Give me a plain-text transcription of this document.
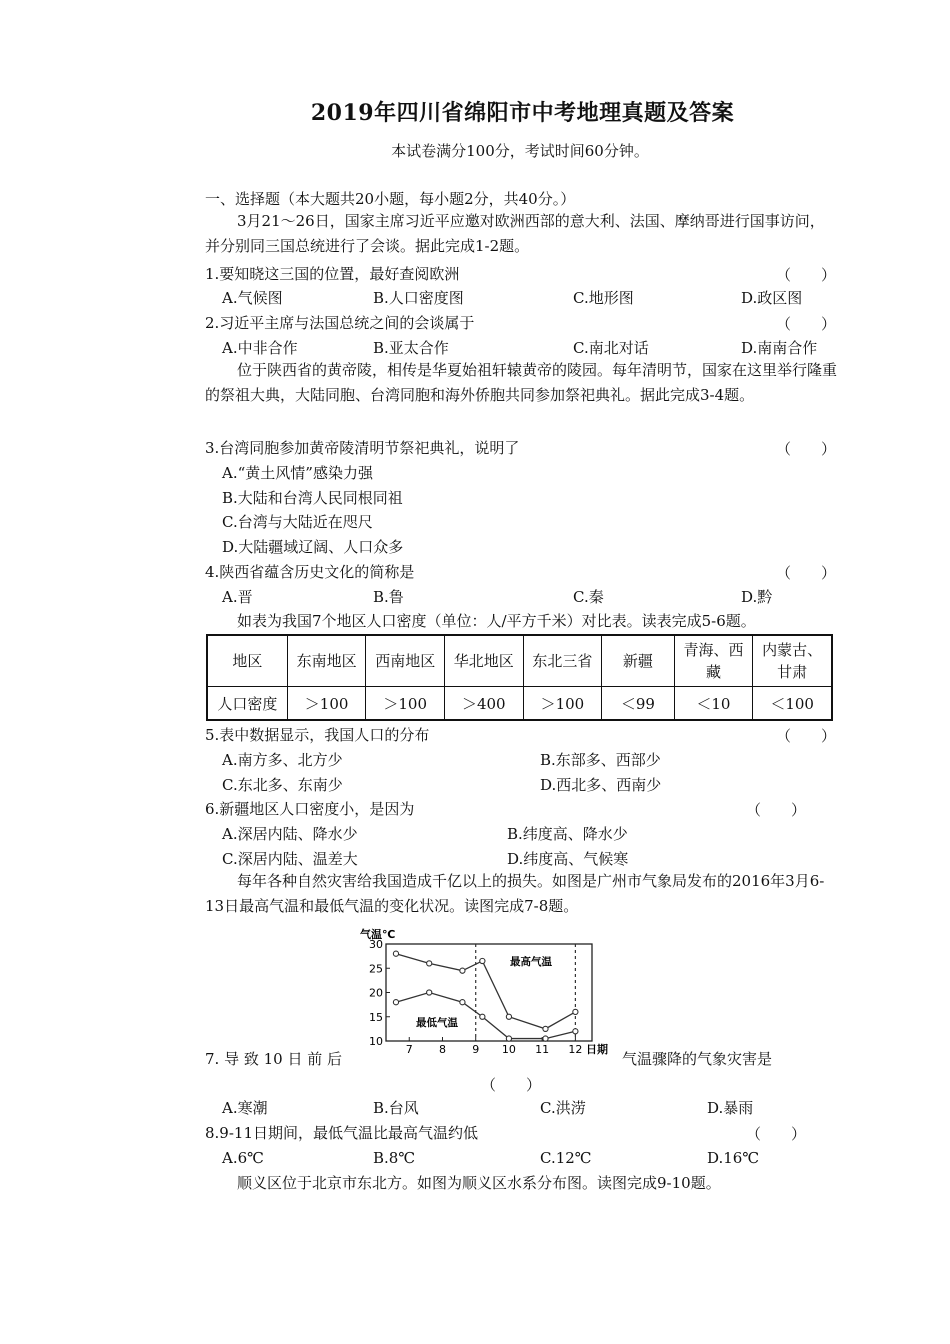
2019年四川省绵阳市中考地理真题及答案
本试卷满分100分，考试时间60分钟。
一、选择题（本大题共20小题，每小题2分，共40分。）
3月21～26日，国家主席习近平应邀对欧洲西部的意大利、法国、摩纳哥进行国事访问，并分别同三国总统进行了会谈。据此完成1-2题。
1.要知晓这三国的位置，最好查阅欧洲	（　　）
A.气候图	B.人口密度图	C.地形图	D.政区图
2.习近平主席与法国总统之间的会谈属于	（　　）
A.中非合作	B.亚太合作	C.南北对话	D.南南合作
位于陕西省的黄帝陵，相传是华夏始祖轩辕黄帝的陵园。每年清明节，国家在这里举行隆重的祭祖大典，大陆同胞、台湾同胞和海外侨胞共同参加祭祀典礼。据此完成3-4题。
3.台湾同胞参加黄帝陵清明节祭祀典礼，说明了	（　　）
A.“黄土风情”感染力强
B.大陆和台湾人民同根同祖
C.台湾与大陆近在咫尺
D.大陆疆域辽阔、人口众多
4.陕西省蕴含历史文化的简称是	（　　）
A.晋	B.鲁	C.秦	D.黔
如表为我国7个地区人口密度（单位：人/平方千米）对比表。读表完成5-6题。
地区	东南地区	西南地区	华北地区	东北三省	新疆	青海、西藏	内蒙古、甘肃
人口密度	＞100	＞100	＞400	＞100	＜99	＜10	＜100
5.表中数据显示，我国人口的分布	（　　）
A.南方多、北方少	B.东部多、西部少
C.东北多、东南少	D.西北多、西南少
6.新疆地区人口密度小，是因为	（　　）
A.深居内陆、降水少	B.纬度高、降水少
C.深居内陆、温差大	D.纬度高、气候寒
每年各种自然灾害给我国造成千亿以上的损失。如图是广州市气象局发布的2016年3月6-13日最高气温和最低气温的变化状况。读图完成7-8题。
30
25
20
15
10
7 8 9 10 11 12
气温℃
日期
最高气温
最低气温
7. 导 致 10 日 前 后	气温骤降的气象灾害是
（　　）
A.寒潮	B.台风	C.洪涝	D.暴雨
8.9-11日期间，最低气温比最高气温约低	（　　）
A.6℃	B.8℃	C.12℃	D.16℃
顺义区位于北京市东北方。如图为顺义区水系分布图。读图完成9-10题。
